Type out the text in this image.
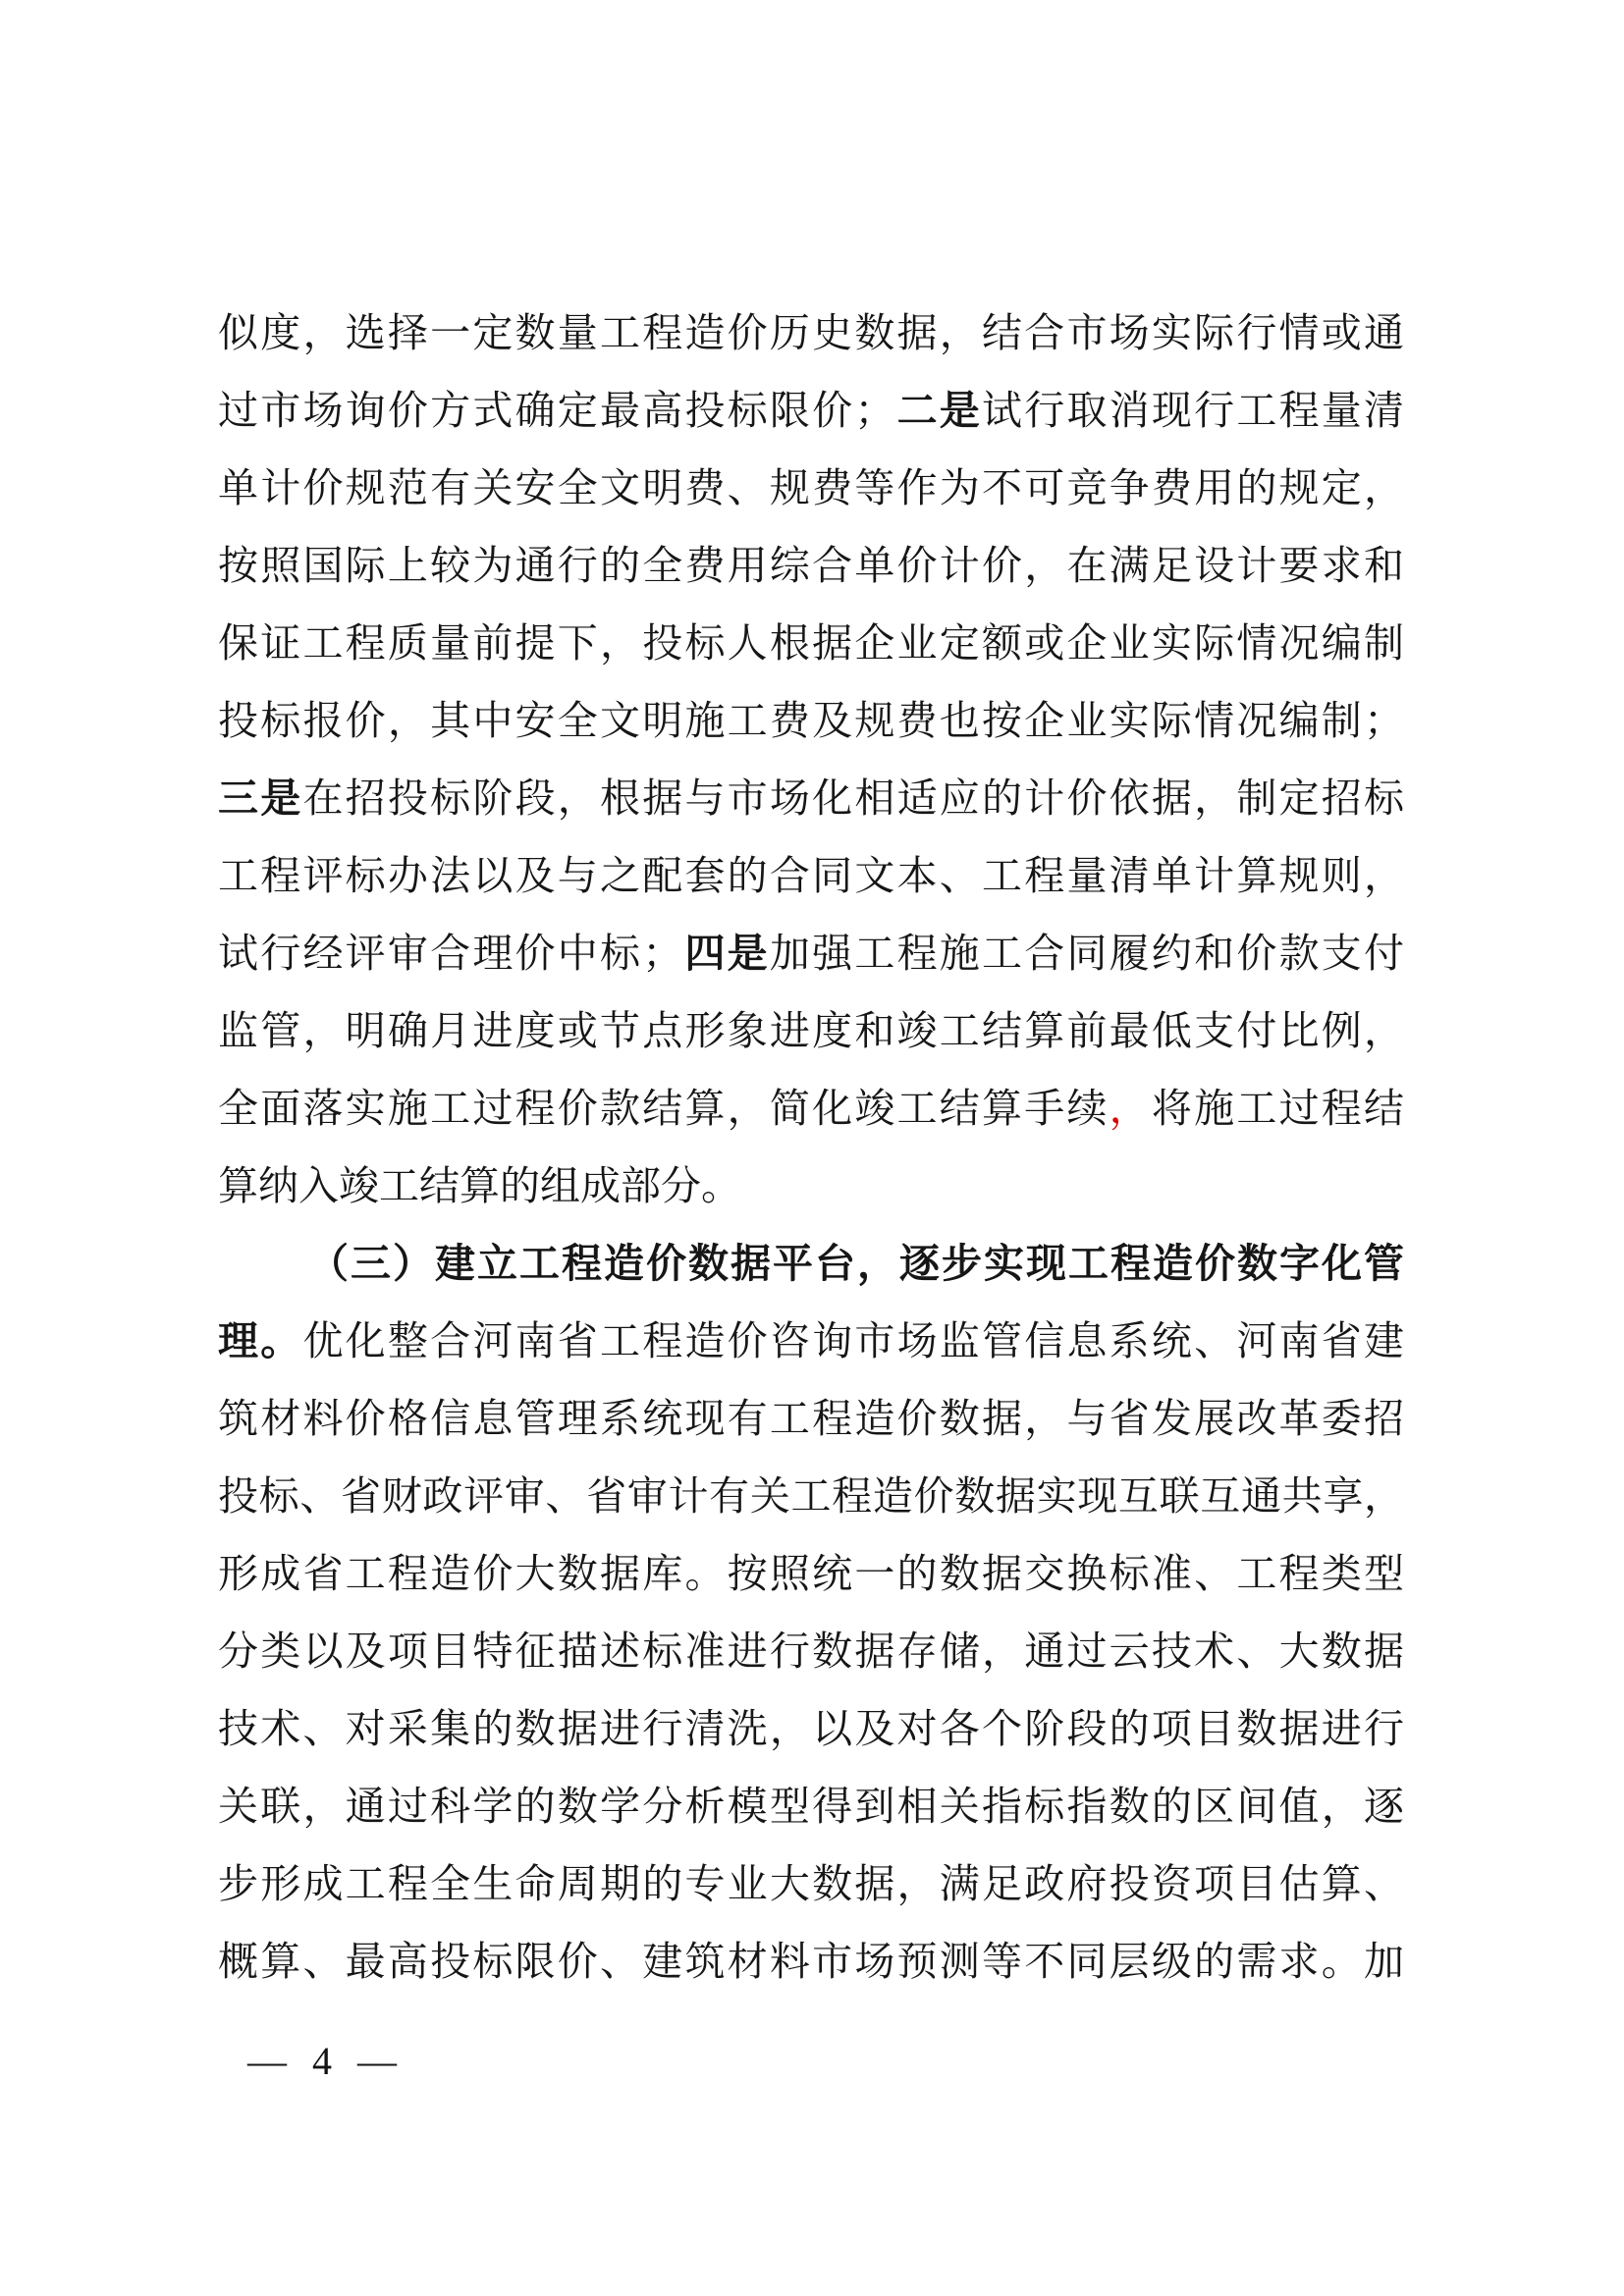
似度，选择一定数量工程造价历史数据，结合市场实际行情或通
过市场询价方式确定最高投标限价；二是试行取消现行工程量清
单计价规范有关安全文明费、规费等作为不可竞争费用的规定，
按照国际上较为通行的全费用综合单价计价，在满足设计要求和
保证工程质量前提下，投标人根据企业定额或企业实际情况编制
投标报价，其中安全文明施工费及规费也按企业实际情况编制；
三是在招投标阶段，根据与市场化相适应的计价依据，制定招标
工程评标办法以及与之配套的合同文本、工程量清单计算规则，
试行经评审合理价中标；四是加强工程施工合同履约和价款支付
监管，明确月进度或节点形象进度和竣工结算前最低支付比例，
全面落实施工过程价款结算，简化竣工结算手续，将施工过程结
算纳入竣工结算的组成部分。
（三）建立工程造价数据平台，逐步实现工程造价数字化管
理。优化整合河南省工程造价咨询市场监管信息系统、河南省建
筑材料价格信息管理系统现有工程造价数据，与省发展改革委招
投标、省财政评审、省审计有关工程造价数据实现互联互通共享，
形成省工程造价大数据库。按照统一的数据交换标准、工程类型
分类以及项目特征描述标准进行数据存储，通过云技术、大数据
技术、对采集的数据进行清洗，以及对各个阶段的项目数据进行
关联，通过科学的数学分析模型得到相关指标指数的区间值，逐
步形成工程全生命周期的专业大数据，满足政府投资项目估算、
概算、最高投标限价、建筑材料市场预测等不同层级的需求。加
— 4 —
